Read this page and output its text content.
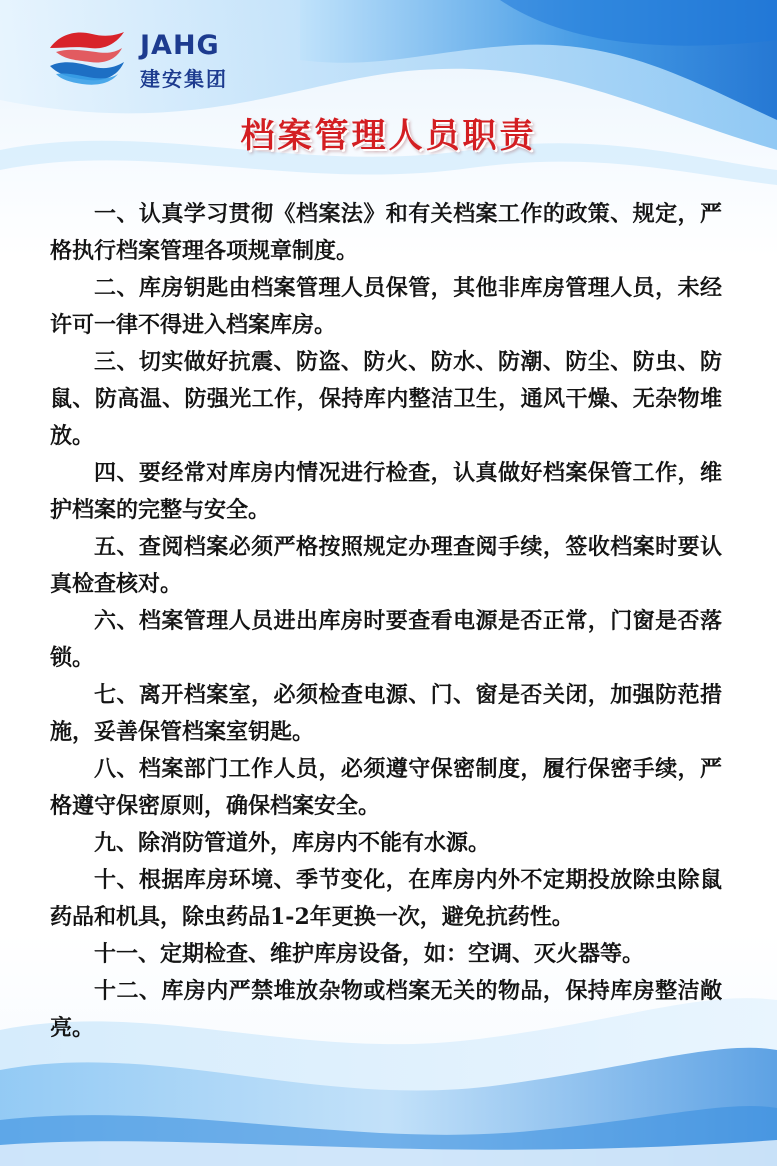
JAHG
建安集团
档案管理人员职责

一、认真学习贯彻《档案法》和有关档案工作的政策、规定，严格执行档案管理各项规章制度。

二、库房钥匙由档案管理人员保管，其他非库房管理人员，未经许可一律不得进入档案库房。

三、切实做好抗震、防盗、防火、防水、防潮、防尘、防虫、防鼠、防高温、防强光工作，保持库内整洁卫生，通风干燥、无杂物堆放。

四、要经常对库房内情况进行检查，认真做好档案保管工作，维护档案的完整与安全。

五、查阅档案必须严格按照规定办理查阅手续，签收档案时要认真检查核对。

六、档案管理人员进出库房时要查看电源是否正常，门窗是否落锁。

七、离开档案室，必须检查电源、门、窗是否关闭，加强防范措施，妥善保管档案室钥匙。

八、档案部门工作人员，必须遵守保密制度，履行保密手续，严格遵守保密原则，确保档案安全。

九、除消防管道外，库房内不能有水源。

十、根据库房环境、季节变化，在库房内外不定期投放除虫除鼠药品和机具，除虫药品1-2年更换一次，避免抗药性。

十一、定期检查、维护库房设备，如：空调、灭火器等。

十二、库房内严禁堆放杂物或档案无关的物品，保持库房整洁敞亮。
